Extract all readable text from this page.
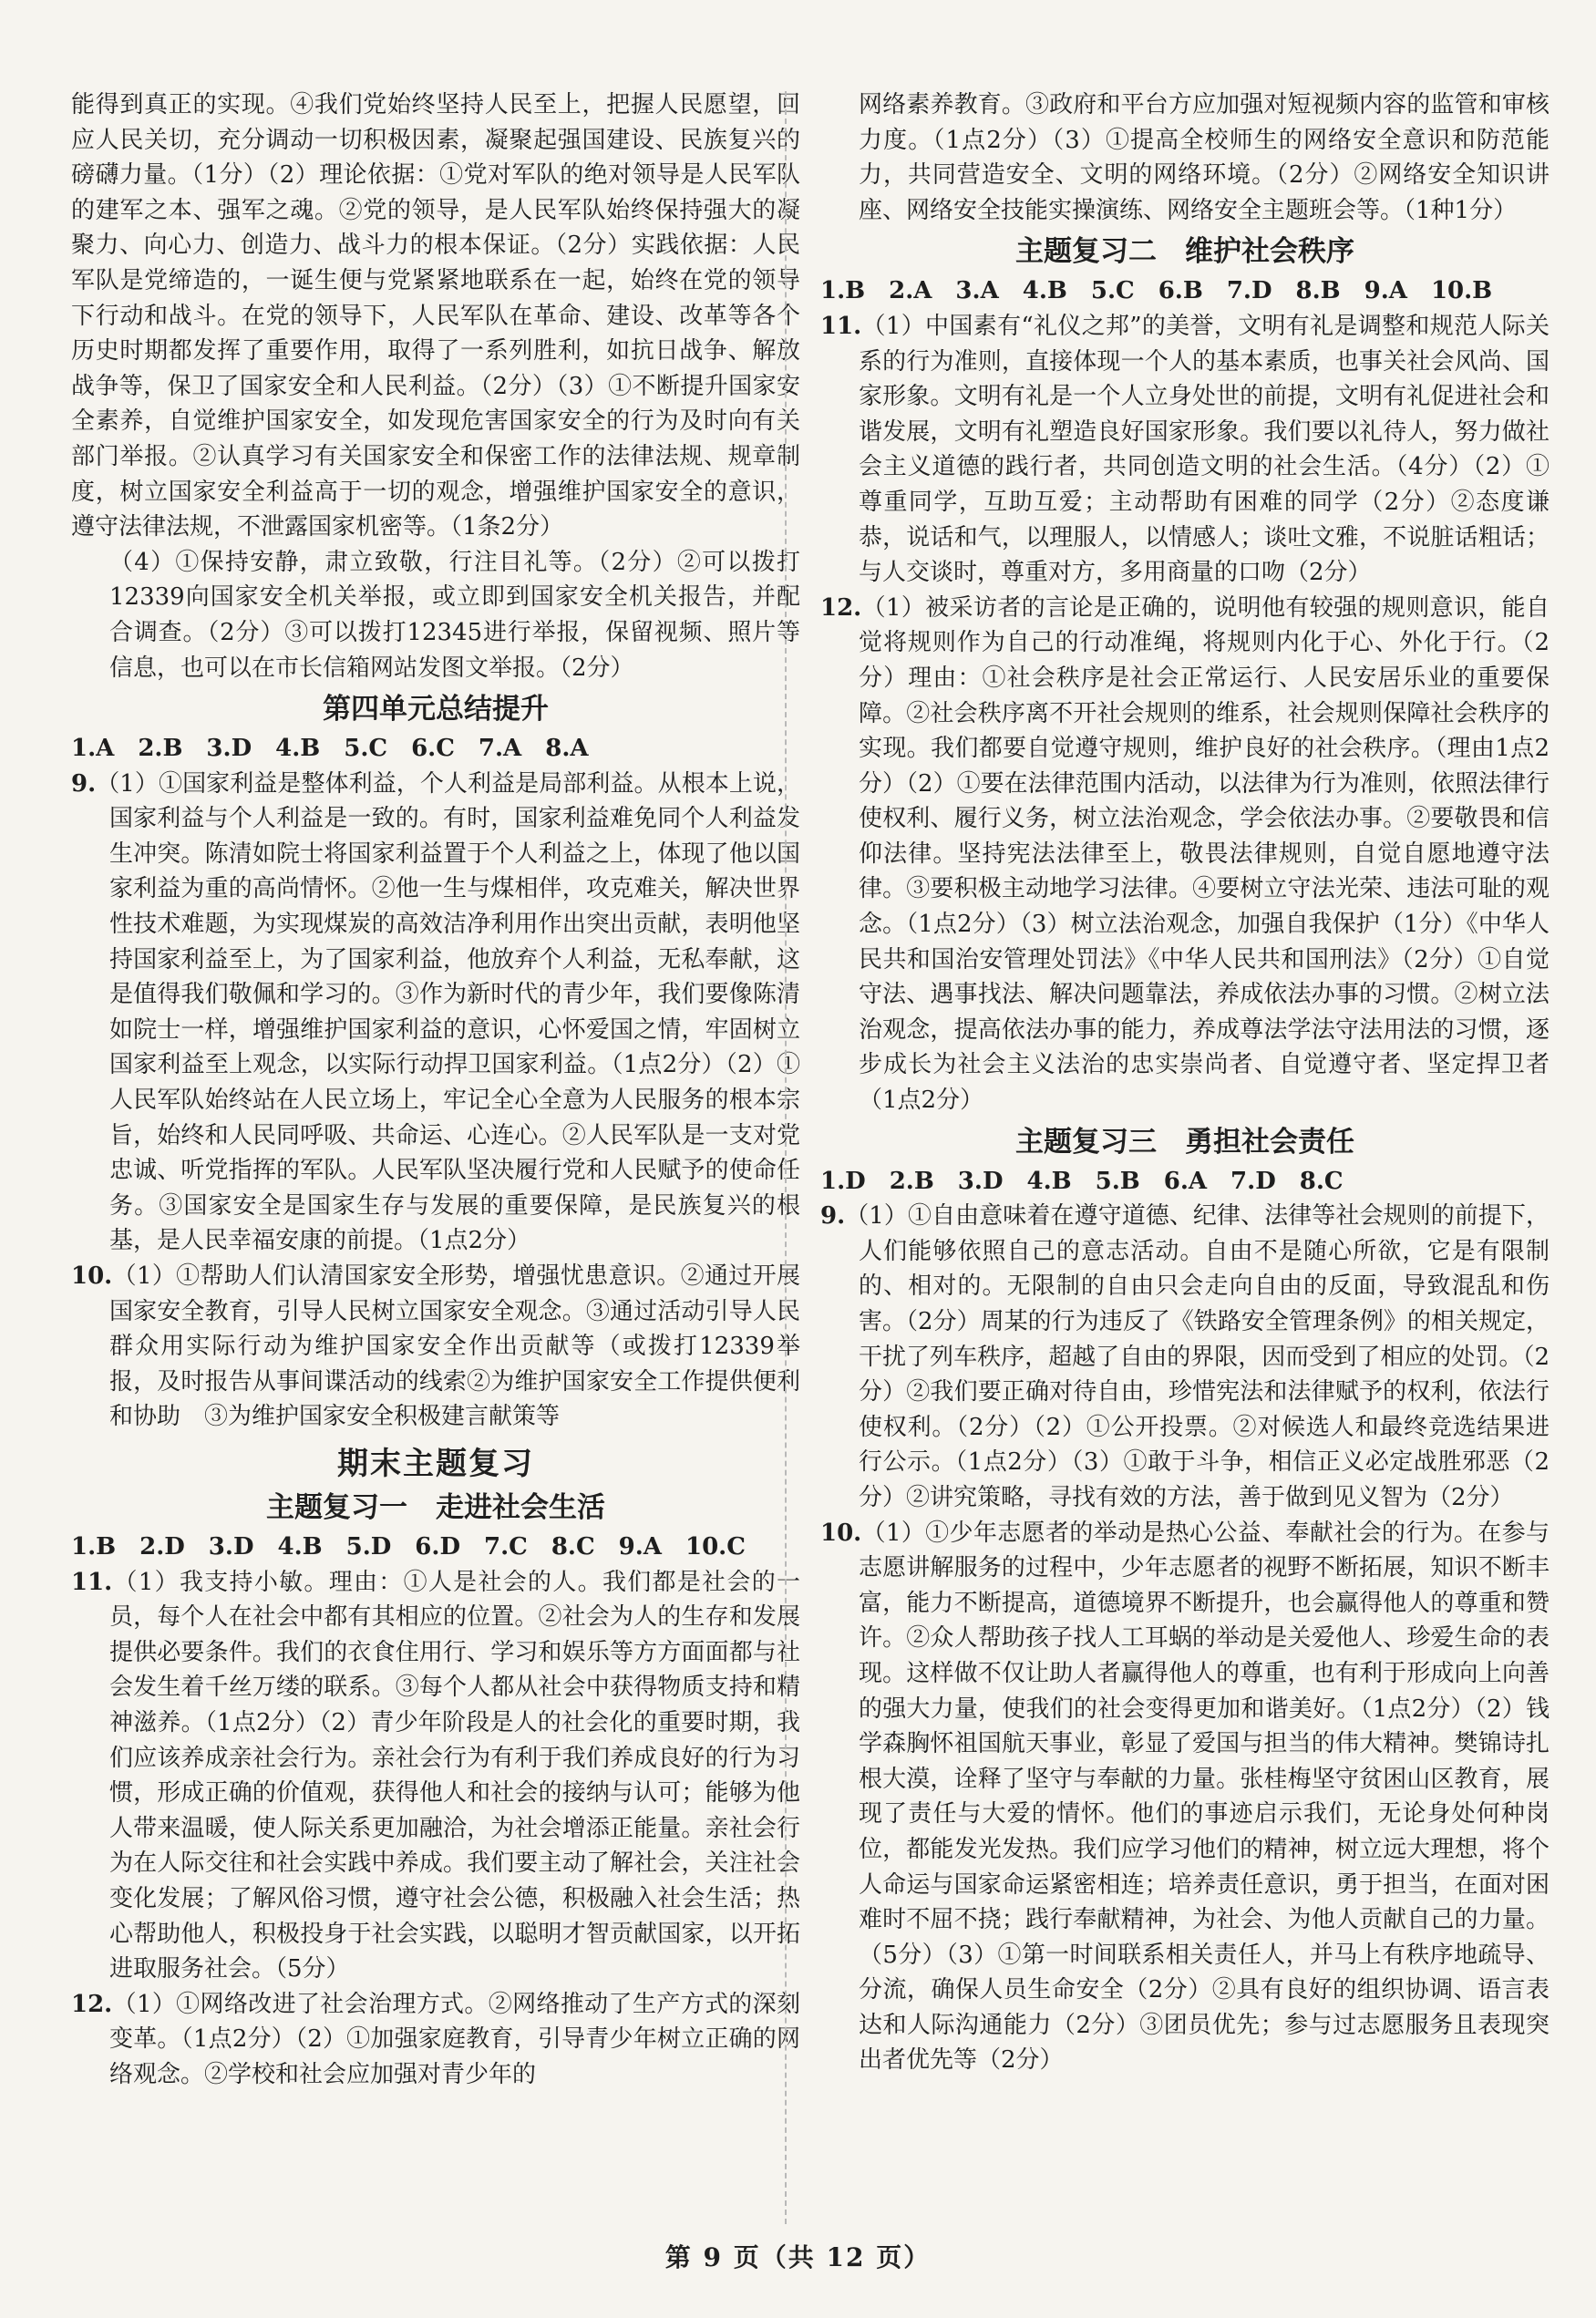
能得到真正的实现。④我们党始终坚持人民至上，把握人民愿望，回应人民关切，充分调动一切积极因素，凝聚起强国建设、民族复兴的磅礴力量。（1分）（2）理论依据：①党对军队的绝对领导是人民军队的建军之本、强军之魂。②党的领导，是人民军队始终保持强大的凝聚力、向心力、创造力、战斗力的根本保证。（2分）实践依据：人民军队是党缔造的，一诞生便与党紧紧地联系在一起，始终在党的领导下行动和战斗。在党的领导下，人民军队在革命、建设、改革等各个历史时期都发挥了重要作用，取得了一系列胜利，如抗日战争、解放战争等，保卫了国家安全和人民利益。（2分）（3）①不断提升国家安全素养，自觉维护国家安全，如发现危害国家安全的行为及时向有关部门举报。②认真学习有关国家安全和保密工作的法律法规、规章制度，树立国家安全利益高于一切的观念，增强维护国家安全的意识，遵守法律法规，不泄露国家机密等。（1条2分）

（4）①保持安静，肃立致敬，行注目礼等。（2分）②可以拨打12339向国家安全机关举报，或立即到国家安全机关报告，并配合调查。（2分）③可以拨打12345进行举报，保留视频、照片等信息，也可以在市长信箱网站发图文举报。（2分）

第四单元总结提升

1.A　2.B　3.D　4.B　5.C　6.C　7.A　8.A

9.（1）①国家利益是整体利益，个人利益是局部利益。从根本上说，国家利益与个人利益是一致的。有时，国家利益难免同个人利益发生冲突。陈清如院士将国家利益置于个人利益之上，体现了他以国家利益为重的高尚情怀。②他一生与煤相伴，攻克难关，解决世界性技术难题，为实现煤炭的高效洁净利用作出突出贡献，表明他坚持国家利益至上，为了国家利益，他放弃个人利益，无私奉献，这是值得我们敬佩和学习的。③作为新时代的青少年，我们要像陈清如院士一样，增强维护国家利益的意识，心怀爱国之情，牢固树立国家利益至上观念，以实际行动捍卫国家利益。（1点2分）（2）①人民军队始终站在人民立场上，牢记全心全意为人民服务的根本宗旨，始终和人民同呼吸、共命运、心连心。②人民军队是一支对党忠诚、听党指挥的军队。人民军队坚决履行党和人民赋予的使命任务。③国家安全是国家生存与发展的重要保障，是民族复兴的根基，是人民幸福安康的前提。（1点2分）

10.（1）①帮助人们认清国家安全形势，增强忧患意识。②通过开展国家安全教育，引导人民树立国家安全观念。③通过活动引导人民群众用实际行动为维护国家安全作出贡献等（或拨打12339举报，及时报告从事间谍活动的线索②为维护国家安全工作提供便利和协助　③为维护国家安全积极建言献策等

期末主题复习
主题复习一　走进社会生活

1.B　2.D　3.D　4.B　5.D　6.D　7.C　8.C　9.A　10.C

11.（1）我支持小敏。理由：①人是社会的人。我们都是社会的一员，每个人在社会中都有其相应的位置。②社会为人的生存和发展提供必要条件。我们的衣食住用行、学习和娱乐等方方面面都与社会发生着千丝万缕的联系。③每个人都从社会中获得物质支持和精神滋养。（1点2分）（2）青少年阶段是人的社会化的重要时期，我们应该养成亲社会行为。亲社会行为有利于我们养成良好的行为习惯，形成正确的价值观，获得他人和社会的接纳与认可；能够为他人带来温暖，使人际关系更加融洽，为社会增添正能量。亲社会行为在人际交往和社会实践中养成。我们要主动了解社会，关注社会变化发展；了解风俗习惯，遵守社会公德，积极融入社会生活；热心帮助他人，积极投身于社会实践，以聪明才智贡献国家，以开拓进取服务社会。（5分）

12.（1）①网络改进了社会治理方式。②网络推动了生产方式的深刻变革。（1点2分）（2）①加强家庭教育，引导青少年树立正确的网络观念。②学校和社会应加强对青少年的

网络素养教育。③政府和平台方应加强对短视频内容的监管和审核力度。（1点2分）（3）①提高全校师生的网络安全意识和防范能力，共同营造安全、文明的网络环境。（2分）②网络安全知识讲座、网络安全技能实操演练、网络安全主题班会等。（1种1分）

主题复习二　维护社会秩序

1.B　2.A　3.A　4.B　5.C　6.B　7.D　8.B　9.A　10.B

11.（1）中国素有“礼仪之邦”的美誉，文明有礼是调整和规范人际关系的行为准则，直接体现一个人的基本素质，也事关社会风尚、国家形象。文明有礼是一个人立身处世的前提，文明有礼促进社会和谐发展，文明有礼塑造良好国家形象。我们要以礼待人，努力做社会主义道德的践行者，共同创造文明的社会生活。（4分）（2）①尊重同学，互助互爱；主动帮助有困难的同学（2分）②态度谦恭，说话和气，以理服人，以情感人；谈吐文雅，不说脏话粗话；与人交谈时，尊重对方，多用商量的口吻（2分）

12.（1）被采访者的言论是正确的，说明他有较强的规则意识，能自觉将规则作为自己的行动准绳，将规则内化于心、外化于行。（2分）理由：①社会秩序是社会正常运行、人民安居乐业的重要保障。②社会秩序离不开社会规则的维系，社会规则保障社会秩序的实现。我们都要自觉遵守规则，维护良好的社会秩序。（理由1点2分）（2）①要在法律范围内活动，以法律为行为准则，依照法律行使权利、履行义务，树立法治观念，学会依法办事。②要敬畏和信仰法律。坚持宪法法律至上，敬畏法律规则，自觉自愿地遵守法律。③要积极主动地学习法律。④要树立守法光荣、违法可耻的观念。（1点2分）（3）树立法治观念，加强自我保护（1分）《中华人民共和国治安管理处罚法》《中华人民共和国刑法》（2分）①自觉守法、遇事找法、解决问题靠法，养成依法办事的习惯。②树立法治观念，提高依法办事的能力，养成尊法学法守法用法的习惯，逐步成长为社会主义法治的忠实崇尚者、自觉遵守者、坚定捍卫者（1点2分）

主题复习三　勇担社会责任

1.D　2.B　3.D　4.B　5.B　6.A　7.D　8.C

9.（1）①自由意味着在遵守道德、纪律、法律等社会规则的前提下，人们能够依照自己的意志活动。自由不是随心所欲，它是有限制的、相对的。无限制的自由只会走向自由的反面，导致混乱和伤害。（2分）周某的行为违反了《铁路安全管理条例》的相关规定，干扰了列车秩序，超越了自由的界限，因而受到了相应的处罚。（2分）②我们要正确对待自由，珍惜宪法和法律赋予的权利，依法行使权利。（2分）（2）①公开投票。②对候选人和最终竞选结果进行公示。（1点2分）（3）①敢于斗争，相信正义必定战胜邪恶（2分）②讲究策略，寻找有效的方法，善于做到见义智为（2分）

10.（1）①少年志愿者的举动是热心公益、奉献社会的行为。在参与志愿讲解服务的过程中，少年志愿者的视野不断拓展，知识不断丰富，能力不断提高，道德境界不断提升，也会赢得他人的尊重和赞许。②众人帮助孩子找人工耳蜗的举动是关爱他人、珍爱生命的表现。这样做不仅让助人者赢得他人的尊重，也有利于形成向上向善的强大力量，使我们的社会变得更加和谐美好。（1点2分）（2）钱学森胸怀祖国航天事业，彰显了爱国与担当的伟大精神。樊锦诗扎根大漠，诠释了坚守与奉献的力量。张桂梅坚守贫困山区教育，展现了责任与大爱的情怀。他们的事迹启示我们，无论身处何种岗位，都能发光发热。我们应学习他们的精神，树立远大理想，将个人命运与国家命运紧密相连；培养责任意识，勇于担当，在面对困难时不屈不挠；践行奉献精神，为社会、为他人贡献自己的力量。（5分）（3）①第一时间联系相关责任人，并马上有秩序地疏导、分流，确保人员生命安全（2分）②具有良好的组织协调、语言表达和人际沟通能力（2分）③团员优先；参与过志愿服务且表现突出者优先等（2分）

第 9 页（共 12 页）
